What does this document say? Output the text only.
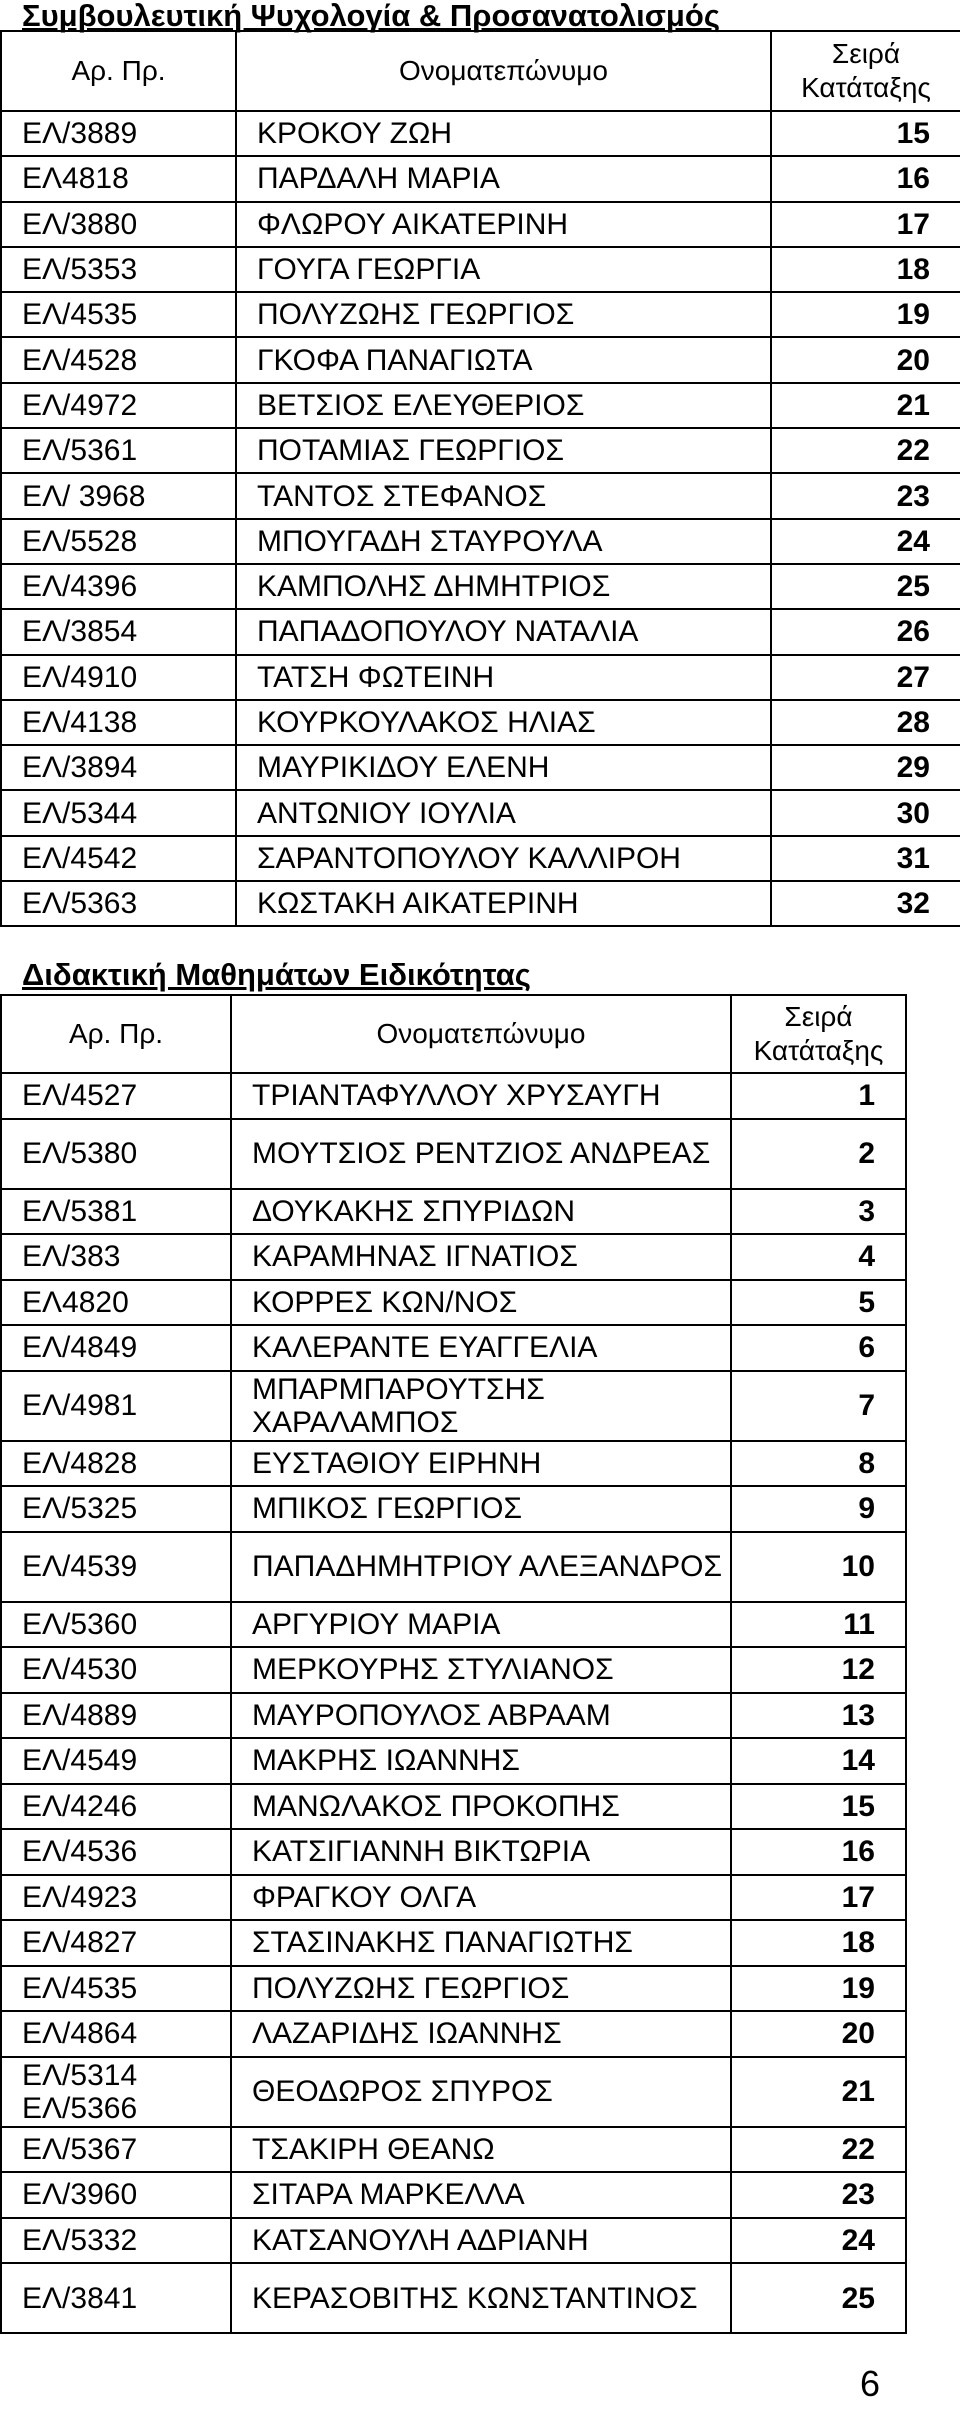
Συμβουλευτική Ψυχολογία & Προσανατολισμός
Αρ. Πρ.	Ονοματεπώνυμο	Σειρά Κατάταξης
ΕΛ/3889	ΚΡΟΚΟΥ ΖΩΗ	15
ΕΛ4818	ΠΑΡΔΑΛΗ ΜΑΡΙΑ	16
ΕΛ/3880	ΦΛΩΡΟΥ ΑΙΚΑΤΕΡΙΝΗ	17
ΕΛ/5353	ΓΟΥΓΑ ΓΕΩΡΓΙΑ	18
ΕΛ/4535	ΠΟΛΥΖΩΗΣ ΓΕΩΡΓΙΟΣ	19
ΕΛ/4528	ΓΚΟΦΑ ΠΑΝΑΓΙΩΤΑ	20
ΕΛ/4972	ΒΕΤΣΙΟΣ ΕΛΕΥΘΕΡΙΟΣ	21
ΕΛ/5361	ΠΟΤΑΜΙΑΣ ΓΕΩΡΓΙΟΣ	22
ΕΛ/ 3968	ΤΑΝΤΟΣ ΣΤΕΦΑΝΟΣ	23
ΕΛ/5528	ΜΠΟΥΓΑΔΗ ΣΤΑΥΡΟΥΛΑ	24
ΕΛ/4396	ΚΑΜΠΟΛΗΣ ΔΗΜΗΤΡΙΟΣ	25
ΕΛ/3854	ΠΑΠΑΔΟΠΟΥΛΟΥ ΝΑΤΑΛΙΑ	26
ΕΛ/4910	ΤΑΤΣΗ ΦΩΤΕΙΝΗ	27
ΕΛ/4138	ΚΟΥΡΚΟΥΛΑΚΟΣ ΗΛΙΑΣ	28
ΕΛ/3894	ΜΑΥΡΙΚΙΔΟΥ ΕΛΕΝΗ	29
ΕΛ/5344	ΑΝΤΩΝΙΟΥ ΙΟΥΛΙΑ	30
ΕΛ/4542	ΣΑΡΑΝΤΟΠΟΥΛΟΥ ΚΑΛΛΙΡΟΗ	31
ΕΛ/5363	ΚΩΣΤΑΚΗ ΑΙΚΑΤΕΡΙΝΗ	32
Διδακτική Μαθημάτων Ειδικότητας
Αρ. Πρ.	Ονοματεπώνυμο	Σειρά Κατάταξης
ΕΛ/4527	ΤΡΙΑΝΤΑΦΥΛΛΟΥ ΧΡΥΣΑΥΓΗ	1
ΕΛ/5380	ΜΟΥΤΣΙΟΣ ΡΕΝΤΖΙΟΣ ΑΝΔΡΕΑΣ	2
ΕΛ/5381	ΔΟΥΚΑΚΗΣ ΣΠΥΡΙΔΩΝ	3
ΕΛ/383	ΚΑΡΑΜΗΝΑΣ ΙΓΝΑΤΙΟΣ	4
ΕΛ4820	ΚΟΡΡΕΣ ΚΩΝ/ΝΟΣ	5
ΕΛ/4849	ΚΑΛΕΡΑΝΤΕ ΕΥΑΓΓΕΛΙΑ	6
ΕΛ/4981	ΜΠΑΡΜΠΑΡΟΥΤΣΗΣ ΧΑΡΑΛΑΜΠΟΣ	7
ΕΛ/4828	ΕΥΣΤΑΘΙΟΥ ΕΙΡΗΝΗ	8
ΕΛ/5325	ΜΠΙΚΟΣ ΓΕΩΡΓΙΟΣ	9
ΕΛ/4539	ΠΑΠΑΔΗΜΗΤΡΙΟΥ ΑΛΕΞΑΝΔΡΟΣ	10
ΕΛ/5360	ΑΡΓΥΡΙΟΥ ΜΑΡΙΑ	11
ΕΛ/4530	ΜΕΡΚΟΥΡΗΣ ΣΤΥΛΙΑΝΟΣ	12
ΕΛ/4889	ΜΑΥΡΟΠΟΥΛΟΣ ΑΒΡΑΑΜ	13
ΕΛ/4549	ΜΑΚΡΗΣ ΙΩΑΝΝΗΣ	14
ΕΛ/4246	ΜΑΝΩΛΑΚΟΣ ΠΡΟΚΟΠΗΣ	15
ΕΛ/4536	ΚΑΤΣΙΓΙΑΝΝΗ ΒΙΚΤΩΡΙΑ	16
ΕΛ/4923	ΦΡΑΓΚΟΥ ΟΛΓΑ	17
ΕΛ/4827	ΣΤΑΣΙΝΑΚΗΣ ΠΑΝΑΓΙΩΤΗΣ	18
ΕΛ/4535	ΠΟΛΥΖΩΗΣ ΓΕΩΡΓΙΟΣ	19
ΕΛ/4864	ΛΑΖΑΡΙΔΗΣ ΙΩΑΝΝΗΣ	20
ΕΛ/5314 ΕΛ/5366	ΘΕΟΔΩΡΟΣ ΣΠΥΡΟΣ	21
ΕΛ/5367	ΤΣΑΚΙΡΗ ΘΕΑΝΩ	22
ΕΛ/3960	ΣΙΤΑΡΑ ΜΑΡΚΕΛΛΑ	23
ΕΛ/5332	ΚΑΤΣΑΝΟΥΛΗ ΑΔΡΙΑΝΗ	24
ΕΛ/3841	ΚΕΡΑΣΟΒΙΤΗΣ ΚΩΝΣΤΑΝΤΙΝΟΣ	25
6
